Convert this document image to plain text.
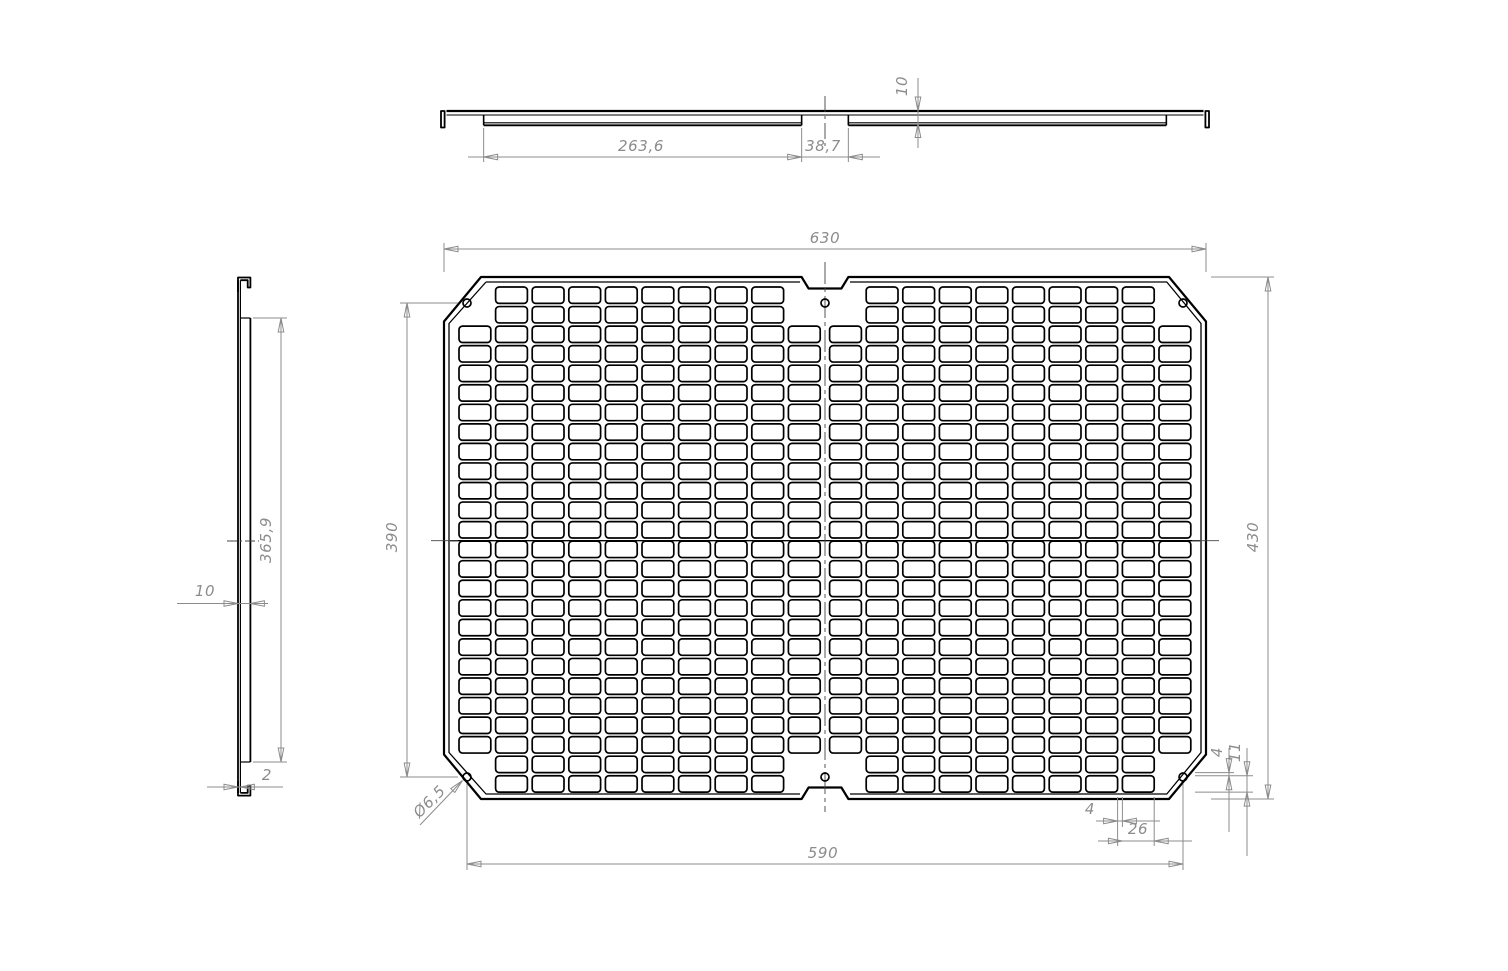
263,6	38,7
10
365,9
10
2
630
430
390
590
Ø6,5	4
26
4 11
